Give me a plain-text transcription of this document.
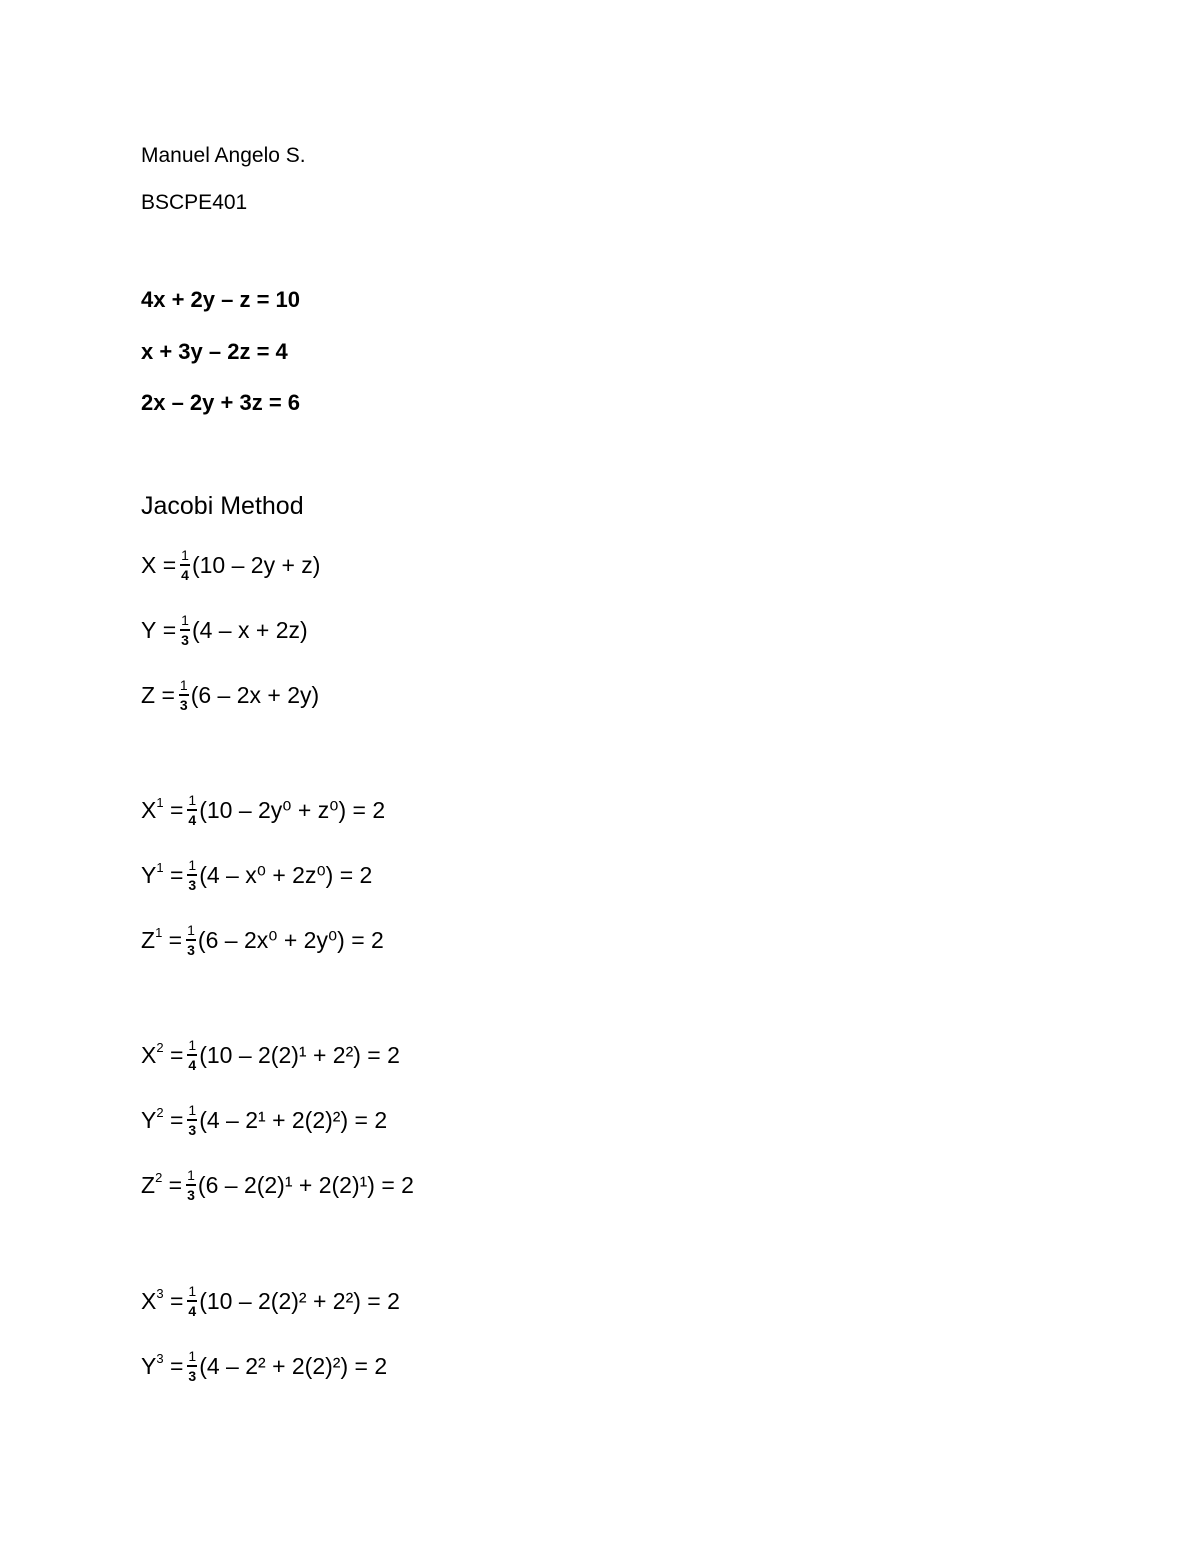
Manuel Angelo S.
BSCPE401
4x + 2y – z = 10
x + 3y – 2z = 4
2x – 2y + 3z = 6
Jacobi Method
$X = \frac{1}{4} (10 - 2y + z)$
$Y = \frac{1}{3} (4 - x + 2z)$
$Z = \frac{1}{3} (6 - 2x + 2y)$
$X^1 = \frac{1}{4} (10 - 2y^0 + z^0) = 2$
$Y^1 = \frac{1}{3} (4 - x^0 + 2z^0) = 2$
$Z^1 = \frac{1}{3} (6 - 2x^0 + 2y^0) = 2$
$X^2 = \frac{1}{4} (10 - 2(2)^1 + 2^2) = 2$
$Y^2 = \frac{1}{3} (4 - 2^1 + 2(2)^2) = 2$
$Z^2 = \frac{1}{3} (6 - 2(2)^1 + 2(2)^1) = 2$
$X^3 = \frac{1}{4} (10 - 2(2)^2 + 2^2) = 2$
$Y^3 = \frac{1}{3} (4 - 2^2 + 2(2)^2) = 2$
